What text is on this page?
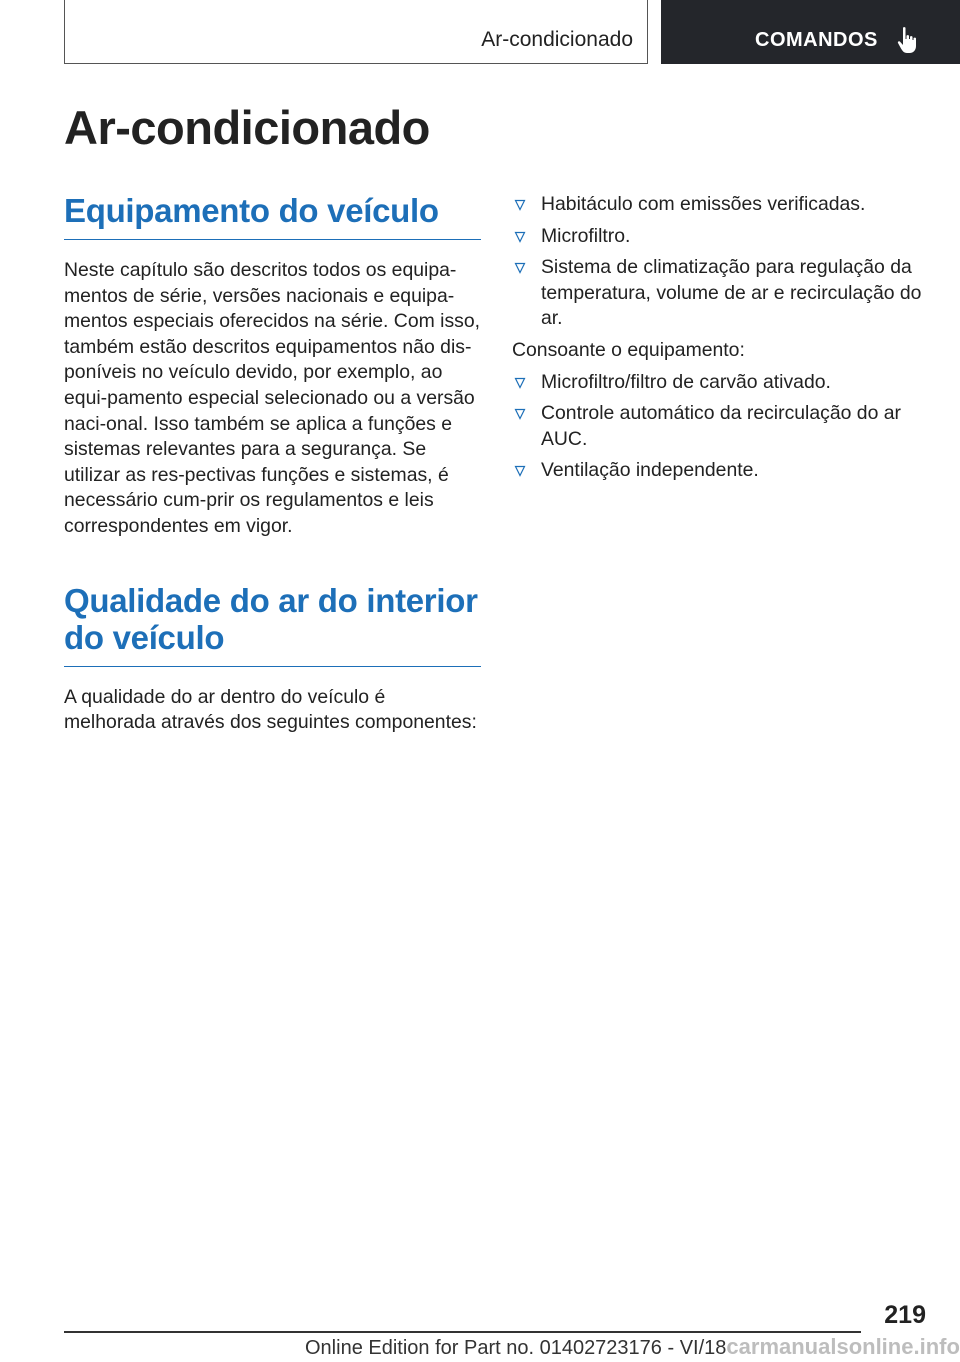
Ar-condicionado	COMANDOS
Ar-condicionado
Equipamento do veículo

Neste capítulo são descritos todos os equipa-mentos de série, versões nacionais e equipa-mentos especiais oferecidos na série. Com isso, também estão descritos equipamentos não dis-poníveis no veículo devido, por exemplo, ao equi-pamento especial selecionado ou a versão naci-onal. Isso também se aplica a funções e sistemas relevantes para a segurança. Se utilizar as res-pectivas funções e sistemas, é necessário cum-prir os regulamentos e leis correspondentes em vigor.

Qualidade do ar do interior do veículo

A qualidade do ar dentro do veículo é melhorada através dos seguintes componentes:

Habitáculo com emissões verificadas.
Microfiltro.
Sistema de climatização para regulação da temperatura, volume de ar e recirculação do ar.

Consoante o equipamento:

Microfiltro/filtro de carvão ativado.
Controle automático da recirculação do ar AUC.
Ventilação independente.
219
Online Edition for Part no. 01402723176 - VI/18carmanualsonline.info
